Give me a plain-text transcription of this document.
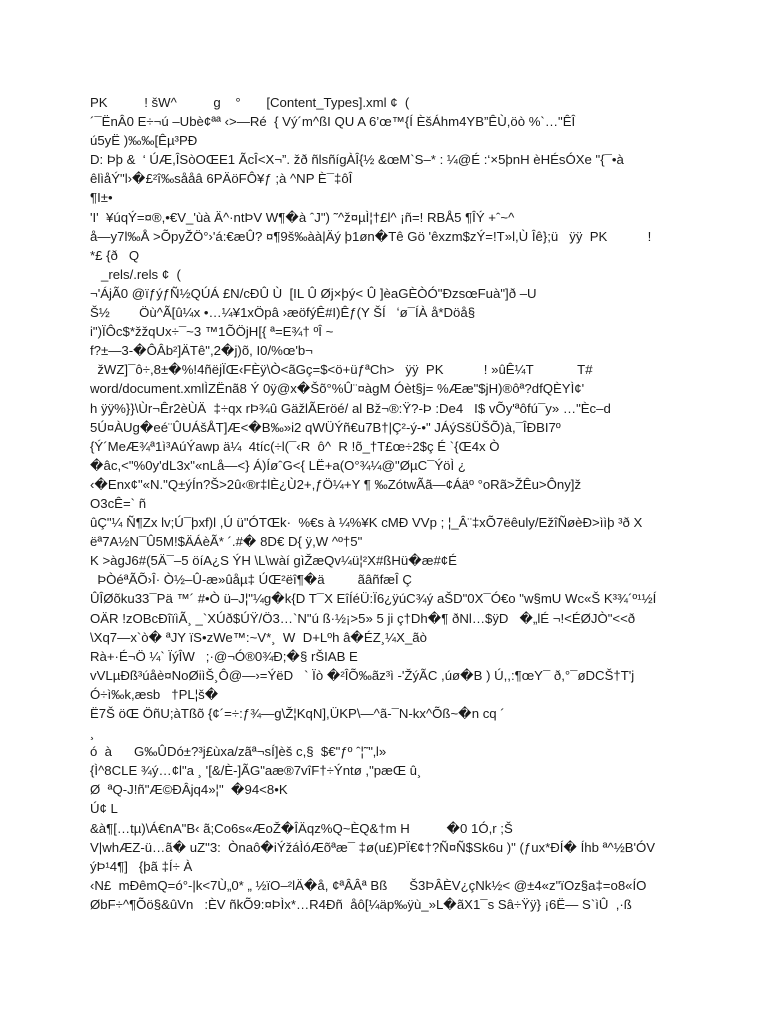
PK          ! šW^          g    °       [Content_Types].xml ¢  (
´¯ËnÂ0 E÷¬ú –Ubè¢ªª ‹>—Ré  { Vý´m^ßI QU A 6’œ™{Í ÈšÁhm4YB”ÊÙ,öò %`…"ÊÎ
ú5yË )‰‰[Êµ³PĐ
D: Þþ &  ‘ ÚÆ,ÎSòOŒE1 ÃcÎ<X¬”. žð ñlsñígÀÎ{½ &œM`S–* : ¼@É :‘×5þnH èHÉsÓXe "{¯•à
êlìåÝ"l›�£²î‰sååâ 6PÄöFÔ¥ƒ ;à ^NP È¯‡ôÎ
¶I±•
'I'  ¥úqÝ=¤®,•€V_'ùà Ä^·ntÞV W¶�à ˆJ") ˜^ž¤µÌ¦†£l^ ¡ñ=! RBÅ5 ¶ÎÝ +ˆ~^
å—y7l‰Å >ÕpyŽÖ°›'á:€æÛ? ¤¶9š‰àà|Äý þ1øn�Tê Gö 'êxzm$zÝ=!T»l,Ù Îê};ü   ÿÿ  PK           !
*£ {ð   Q
_rels/.rels ¢  (
¬'ÁjÃ0 @ïƒýƒÑ½QÚÁ £N/cÐÛ Ù  [IL Û Øj×þý< Û ]èaGÈÒÓ"ÐzsœFuà"]ð –U
Š½        Öù^Ã[û¼x •…¼¥1xÖpâ ›æöfýÊ#I)Êƒ(Y ŠÍ   ʻø¯ÍÀ å*Döå§
i")ÏÔc$*žžqUx÷¯~3 ™1ÕÖjH[{ ª=E¾† ºÎ ~
f?±—3-�ÔÂb²]ÄTê",2�j)õ, I0/%œ'b¬
žWZ]¯ô÷,8±�%!4ñëjÏŒ‹FÈÿ\Ò<ãGç=$<ö+üƒªCh>   ÿÿ  PK           ! »ûÊ¼T            T#
word/document.xmlÌZËnã8 Ý 0ÿ@x�Šõ°%Û¨¤àgM Óèt§j= %Ææ"$jH)®ôª?dfQÈYÌ¢'
h ÿÿ%}}\Ùr¬Êr2èÙÄ  ‡÷qx rÞ¾û GäžlÃEröé/ al Bž¬®:Ÿ?-Þ :De4   I$ vÕy'ªôfú¯y» …"Èc–d
5Ú¤ÀUg�eé¨ÛUÁšÅT]Æ<�B‰»i2 qWÜÝñ€u7B†|Ç²-ý-•" JÁýSšÜŠÕ)à,¯ÎÐBI7º
{Ý´MeÆ¾ª1ì³AúÝawp ä¼  4tíc(÷l(¯‹R  ô^  R !õ_†T£œ÷2$ç É `{Œ4x Ò
�âc,<"%0y'dL3x"«nLå—<} Á)ÍøˆG<{ LË+a(O°¾¼@"ØµC¯ÝöÌ ¿
‹�Enx¢"«N."Q±ýÍn?Š>2û‹®r‡lÈ¿Ù2+,ƒÖ¼+Y ¶ ‰ZótwÃã—¢Áäº °oRã>ŽÊu>Ôny]ž
O3cÊ=` ñ
ûÇ"¼ Ñ¶Zx lv;Ú¯þxf)l ,Ú ü"ÓTŒk·  %€s à ¼%¥K cMÐ VVp ; ¦_Â¨‡xÕ7ëêuly/EžîÑøèÐ>ììþ ³ð X
ëª7A½N¯Û5M!$ÄÁèÃ* ´.#� 8D€ D{ ÿ,W ^º†5"
K >àgJ6#(5Ä¯–5 öíA¿S ÝH \L\wàí gìŽæQv¼ü¦²X#ßHü�æ#¢É
ÞÒéªÃÕ›Î· Ò½–Û-æ»ûåµ‡ ÚŒ²ëî¶�ä         ãâñfæÎ Ç
ÛÎØõku33¯Pä ™´ #•Ò ü–J¦"¼g�k{D T¯X EîÍéÜ:Ï6¿ÿúC¾ý aŠD"0X¯Ó€o "w§mU Wc«Š K³¾´º¹½Í
OÄR !zOBcÐîïìÃ¸ _`XÚð$ÚŸ/Ö3…`N"ú ß·½¡>5» 5 ji ç†Dh�¶ ðNl…$ÿD   �„lÉ ¬!<ÉØJÒ"<<ð
\Xq7—x`ò� ªJY ïS•zWe™:~V*¸  W  D+Lºh â�ÉZ¸¼X_ãò
Rà+·É¬Ö ¼` ÏýÎW   ;·@¬Ó®0¾Ð;�§ rŠIAB E
vVLµÐß³úåè¤NoØiìŠ¸Ô@—›=ÝëD   ` Ïò �²ÎÕ‰ãz³ì -'ŽýÃC ,úø�B ) Ú,,:¶œY¯ ð,°¯øDCŠ†T'j
Ó÷ì‰k,æsb   †PL¦š�
Ë7Š öŒ ÖñU;àTßõ {¢´=÷:ƒ¾—g\Ž¦KqN],ÜKP\—^ã-¯N-kx^Õß~�n cq ´
¸
ó  à      G‰ÛDó±?³j£ùxa/zãª¬sÍ]èš c,§  $€"ƒº ˆ¦˜"‚l»
{Ì^8CLE ¾ý…¢l"a ¸ '[&/È-]ÃG"aæ®7vîF†÷Ýntø ,"pæŒ û¸
Ø  ªQ-J!ñ"Æ©ÐÂjq4»¦"  �94<8•K
Ú¢ L
&à¶[…tµ)\Á€nA"B‹ ã;Co6s«ÆoŽ�ÎÄqz%Q~ÈQ&†m H          �0 1Ó,r ;Š
V|whÆZ-ü…ã� uZ"3:  Ònaô�iÝžáÌóÆõªæ¯ ‡ø(u£)PÏ€¢†?Ñ¤Ñ$Sk6u )" (ƒux*ÐÍ� Íhb ª^½B'ÓV
ýÞ¹4¶]   {þã ‡Í÷ À
‹N£  mÐêmQ=ó°-|k<7Ù„0* „ ½ïO–²lÄ�å, ¢ªÂÂª Bß      Š3ÞÂÈV¿çNk½< @±4«z"ïOz§a‡=o8«ÍO
ØbF÷^¶Õö§&ûVn   :ÈV ñkÕ9:¤ÞÌx*…R4Ðñ  åô[¼äp‰ÿù_»L�ãX1¯s Sâ÷Ÿÿ} ¡6Ë— S`ìÛ  ,·ß
